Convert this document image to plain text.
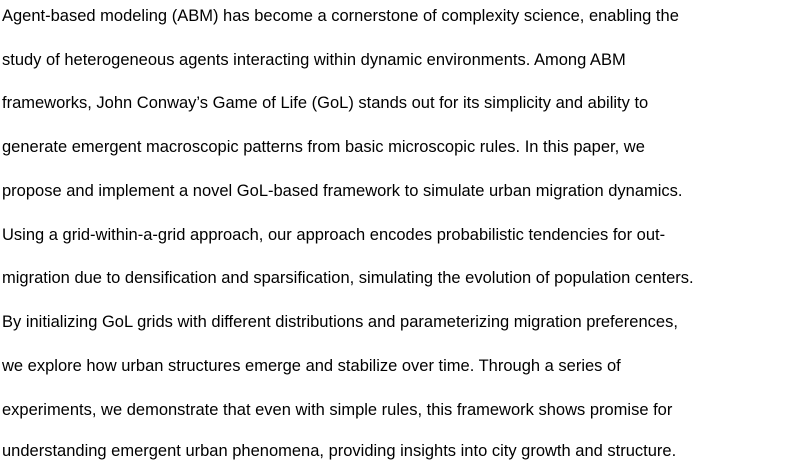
Agent-based modeling (ABM) has become a cornerstone of complexity science, enabling the
study of heterogeneous agents interacting within dynamic environments. Among ABM
frameworks, John Conway’s Game of Life (GoL) stands out for its simplicity and ability to
generate emergent macroscopic patterns from basic microscopic rules. In this paper, we
propose and implement a novel GoL-based framework to simulate urban migration dynamics.
Using a grid-within-a-grid approach, our approach encodes probabilistic tendencies for out-
migration due to densification and sparsification, simulating the evolution of population centers.
By initializing GoL grids with different distributions and parameterizing migration preferences,
we explore how urban structures emerge and stabilize over time. Through a series of
experiments, we demonstrate that even with simple rules, this framework shows promise for
understanding emergent urban phenomena, providing insights into city growth and structure.
